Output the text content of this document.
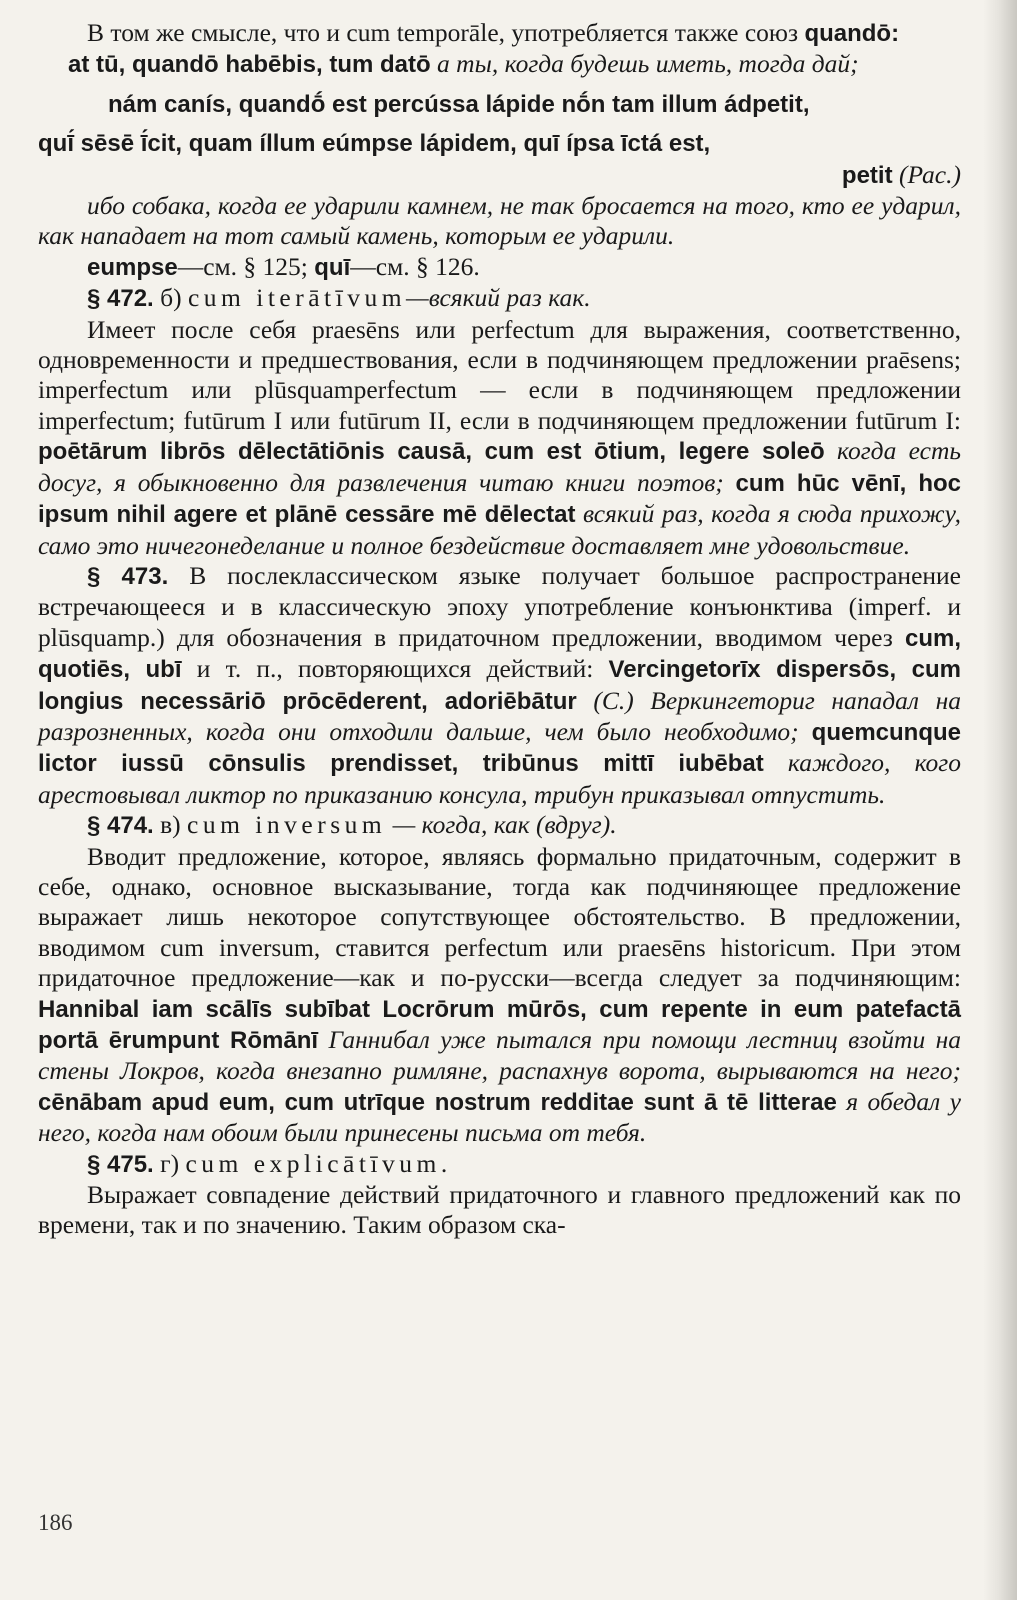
В том же смысле, что и cum temporāle, употребляется также союз quandō:

at tū, quandō habēbis, tum datō а ты, когда будешь иметь, тогда дай;

nám canís, quandṓ est percússa lápide nṓn tam illum ádpetit,

quī́ sēsē ī́cit, quam íllum eúmpse lápidem, quī ípsa īctá est,

petit (Рас.)

ибо собака, когда ее ударили камнем, не так бросается на того, кто ее ударил, как нападает на тот самый камень, которым ее ударили.

eumpse—см. § 125; quī—см. § 126.

§ 472. б) cum iterātīvum—всякий раз как.

Имеет после себя praesēns или perfectum для выражения, соответственно, одновременности и предшествования, если в подчиняющем предложении praēsens; imperfectum или plūsquamperfectum — если в подчиняющем предложении imperfectum; futūrum I или futūrum II, если в подчиняющем предложении futūrum I: poētārum librōs dēlectātiōnis causā, cum est ōtium, legere soleō когда есть досуг, я обыкновенно для развлечения читаю книги поэтов; cum hūc vēnī, hoc ipsum nihil agere et plānē cessāre mē dēlectat всякий раз, когда я сюда прихожу, само это ничегонеделание и полное бездействие доставляет мне удовольствие.

§ 473. В послеклассическом языке получает большое распространение встречающееся и в классическую эпоху употребление конъюнктива (imperf. и plūsquamp.) для обозначения в придаточном предложении, вводимом через cum, quotiēs, ubī и т. п., повторяющихся действий: Vercingetorīx dispersōs, cum longius necessāriō prōcēderent, adoriēbātur (С.) Веркингеториг нападал на разрозненных, когда они отходили дальше, чем было необходимо; quemcunque lictor iussū cōnsulis prendisset, tribūnus mittī iubēbat каждого, кого арестовывал ликтор по приказанию консула, трибун приказывал отпустить.

§ 474. в) cum inversum — когда, как (вдруг).

Вводит предложение, которое, являясь формально придаточным, содержит в себе, однако, основное высказывание, тогда как подчиняющее предложение выражает лишь некоторое сопутствующее обстоятельство. В предложении, вводимом cum inversum, ставится perfectum или praesēns historicum. При этом придаточное предложение—как и по-русски—всегда следует за подчиняющим: Hannibal iam scālīs subībat Locrōrum mūrōs, cum repente in eum patefactā portā ērumpunt Rōmānī Ганнибал уже пытался при помощи лестниц взойти на стены Локров, когда внезапно римляне, распахнув ворота, вырываются на него; cēnābam apud eum, cum utrīque nostrum redditae sunt ā tē litterae я обедал у него, когда нам обоим были принесены письма от тебя.

§ 475. г) cum explicātīvum.

Выражает совпадение действий придаточного и главного предложений как по времени, так и по значению. Таким образом ска-

186
